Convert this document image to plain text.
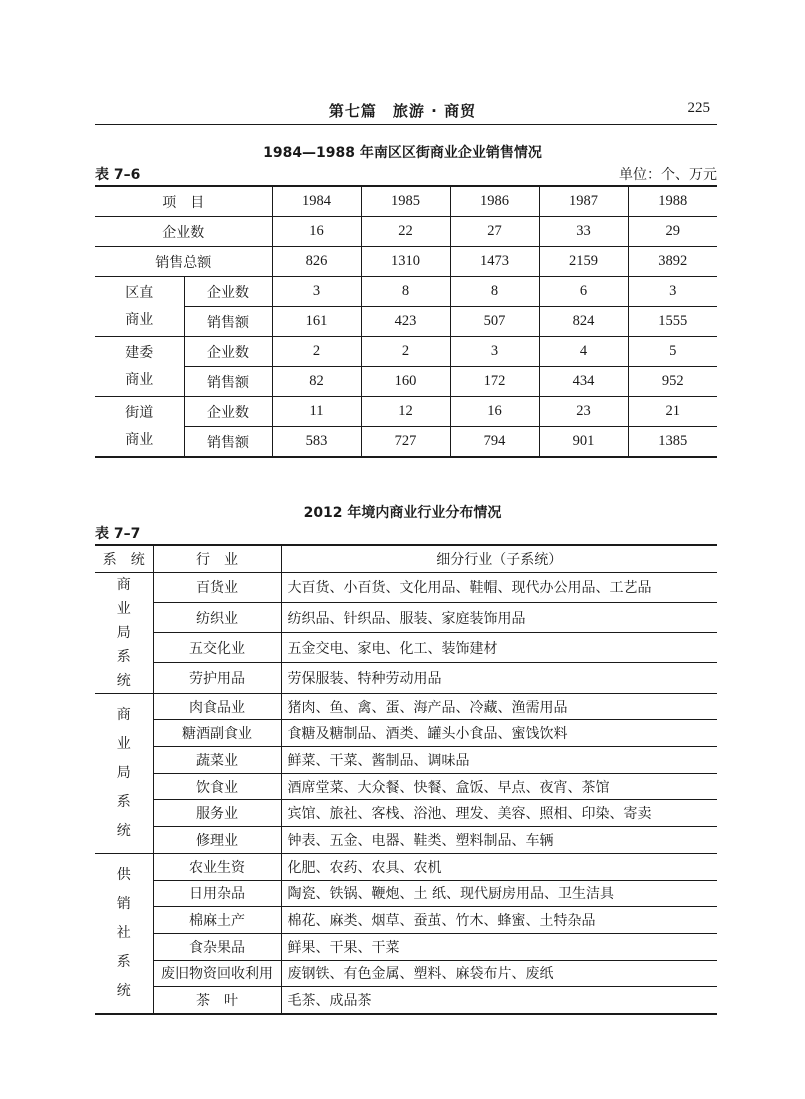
第七篇　旅游 · 商贸	225
1984—1988 年南区区街商业企业销售情况
表 7–6	单位：个、万元
项　目		1984	1985	1986	1987	1988
企业数		16	22	27	33	29
销售总额		826	1310	1473	2159	3892
区直商业	企业数	3	8	8	6	3
	销售额	161	423	507	824	1555
建委商业	企业数	2	2	3	4	5
	销售额	82	160	172	434	952
街道商业	企业数	11	12	16	23	21
	销售额	583	727	794	901	1385
2012 年境内商业行业分布情况
表 7–7
系　统	行　业	细分行业（子系统）
商业局系统	百货业	大百货、小百货、文化用品、鞋帽、现代办公用品、工艺品
	纺织业	纺织品、针织品、服装、家庭装饰用品
	五交化业	五金交电、家电、化工、装饰建材
	劳护用品	劳保服装、特种劳动用品
商业局系统	肉食品业	猪肉、鱼、禽、蛋、海产品、冷藏、渔需用品
	糖酒副食业	食糖及糖制品、酒类、罐头小食品、蜜饯饮料
	蔬菜业	鲜菜、干菜、酱制品、调味品
	饮食业	酒席堂菜、大众餐、快餐、盒饭、早点、夜宵、茶馆
	服务业	宾馆、旅社、客栈、浴池、理发、美容、照相、印染、寄卖
	修理业	钟表、五金、电器、鞋类、塑料制品、车辆
供销社系统	农业生资	化肥、农药、农具、农机
	日用杂品	陶瓷、铁锅、鞭炮、土 纸、现代厨房用品、卫生洁具
	棉麻土产	棉花、麻类、烟草、蚕茧、竹木、蜂蜜、土特杂品
	食杂果品	鲜果、干果、干菜
	废旧物资回收利用	废钢铁、有色金属、塑料、麻袋布片、废纸
	茶　叶	毛茶、成品茶
